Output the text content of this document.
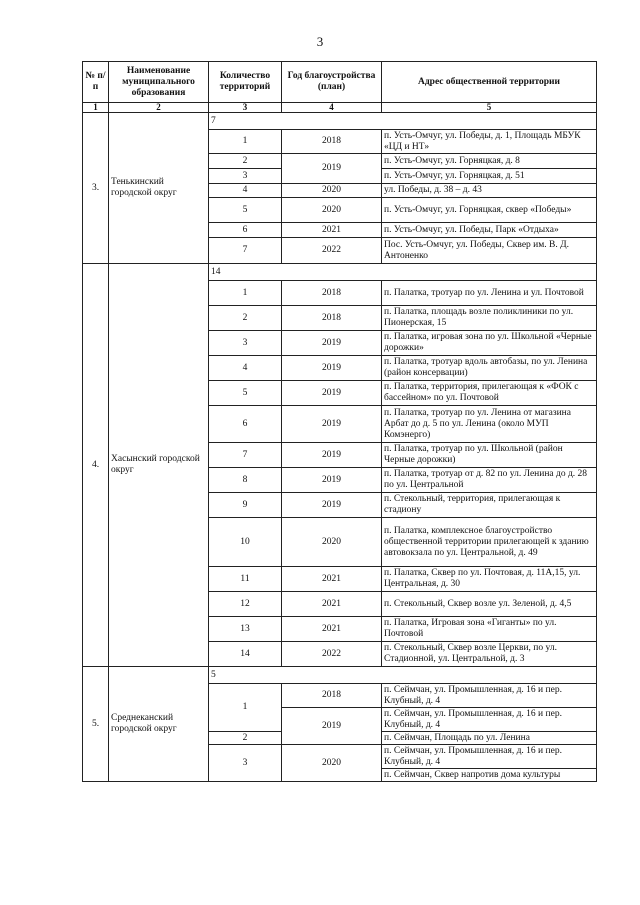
3
№ п/п	Наименование муниципального образования	Количество территорий	Год благоустройства (план)	Адрес общественной территории
1	2	3	4	5
3.	Тенькинский городской округ	7		
		1	2018	п. Усть-Омчуг, ул. Победы, д. 1, Площадь МБУК «ЦД и НТ»
		2	2019	п. Усть-Омчуг, ул. Горняцкая, д. 8
		3		п. Усть-Омчуг, ул. Горняцкая, д. 51
		4	2020	ул. Победы, д. 38 – д. 43
		5	2020	п. Усть-Омчуг, ул. Горняцкая, сквер «Победы»
		6	2021	п. Усть-Омчуг, ул. Победы, Парк «Отдыха»
		7	2022	Пос. Усть-Омчуг, ул. Победы, Сквер им. В. Д. Антоненко
4.	Хасынский городской округ	14		
		1	2018	п. Палатка, тротуар по ул. Ленина и ул. Почтовой
		2	2018	п. Палатка, площадь возле поликлиники по ул. Пионерская, 15
		3	2019	п. Палатка, игровая зона по ул. Школьной «Черные дорожки»
		4	2019	п. Палатка, тротуар вдоль автобазы, по ул. Ленина (район консервации)
		5	2019	п. Палатка, территория, прилегающая к «ФОК с бассейном» по ул. Почтовой
		6	2019	п. Палатка, тротуар по ул. Ленина от магазина Арбат до д. 5 по ул. Ленина (около МУП Комэнерго)
		7	2019	п. Палатка, тротуар по ул. Школьной (район Черные дорожки)
		8	2019	п. Палатка, тротуар от д. 82 по ул. Ленина до д. 28 по ул. Центральной
		9	2019	п. Стекольный, территория, прилегающая к стадиону
		10	2020	п. Палатка, комплексное благоустройство общественной территории прилегающей к зданию автовокзала по ул. Центральной, д. 49
		11	2021	п. Палатка, Сквер по ул. Почтовая, д. 11А,15, ул. Центральная, д. 30
		12	2021	п. Стекольный, Сквер возле ул. Зеленой, д. 4,5
		13	2021	п. Палатка, Игровая зона «Гиганты» по ул. Почтовой
		14	2022	п. Стекольный, Сквер возле Церкви, по ул. Стадионной, ул. Центральной, д. 3
5.	Среднеканский городской округ	5		
		1	2018	п. Сеймчан, ул. Промышленная, д. 16 и пер. Клубный, д. 4
			2019	п. Сеймчан, ул. Промышленная, д. 16 и пер. Клубный, д. 4
		2		п. Сеймчан, Площадь по ул. Ленина
		3	2020	п. Сеймчан, ул. Промышленная, д. 16 и пер. Клубный, д. 4
				п. Сеймчан, Сквер напротив дома культуры
